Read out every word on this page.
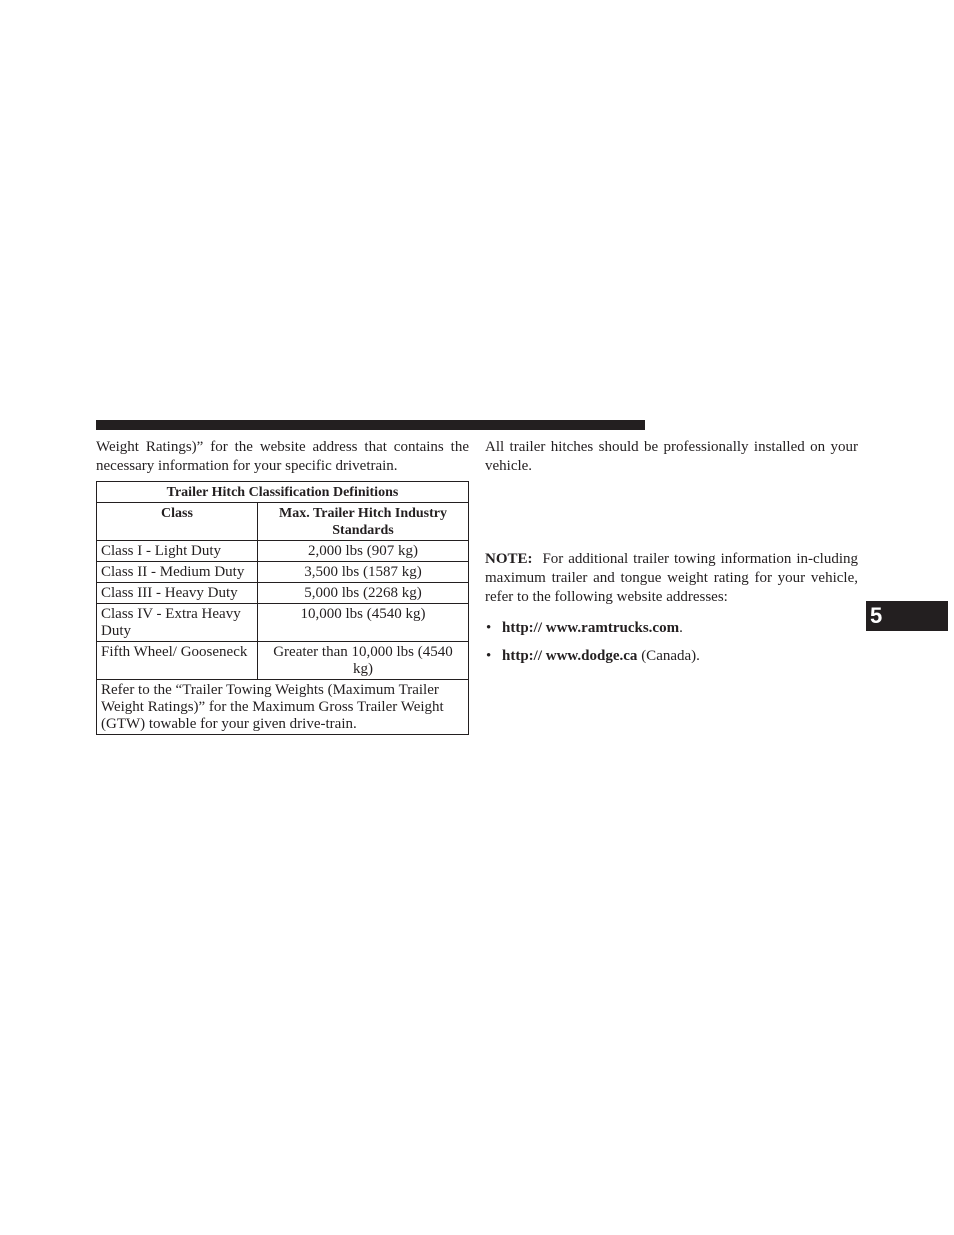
Weight Ratings)” for the website address that contains the necessary information for your specific drivetrain.

Trailer Hitch Classification Definitions	
Class	Max. Trailer Hitch Industry Standards
Class I - Light Duty	2,000 lbs (907 kg)
Class II - Medium Duty	3,500 lbs (1587 kg)
Class III - Heavy Duty	5,000 lbs (2268 kg)
Class IV - Extra Heavy Duty	10,000 lbs (4540 kg)
Fifth Wheel/ Gooseneck	Greater than 10,000 lbs (4540 kg)
Refer to the “Trailer Towing Weights (Maximum Trailer Weight Ratings)” for the Maximum Gross Trailer Weight (GTW) towable for your given drive-train.	

All trailer hitches should be professionally installed on your vehicle.

NOTE: For additional trailer towing information in-cluding maximum trailer and tongue weight rating for your vehicle, refer to the following website addresses:

• http:// www.ramtrucks.com.
• http:// www.dodge.ca (Canada).
5
